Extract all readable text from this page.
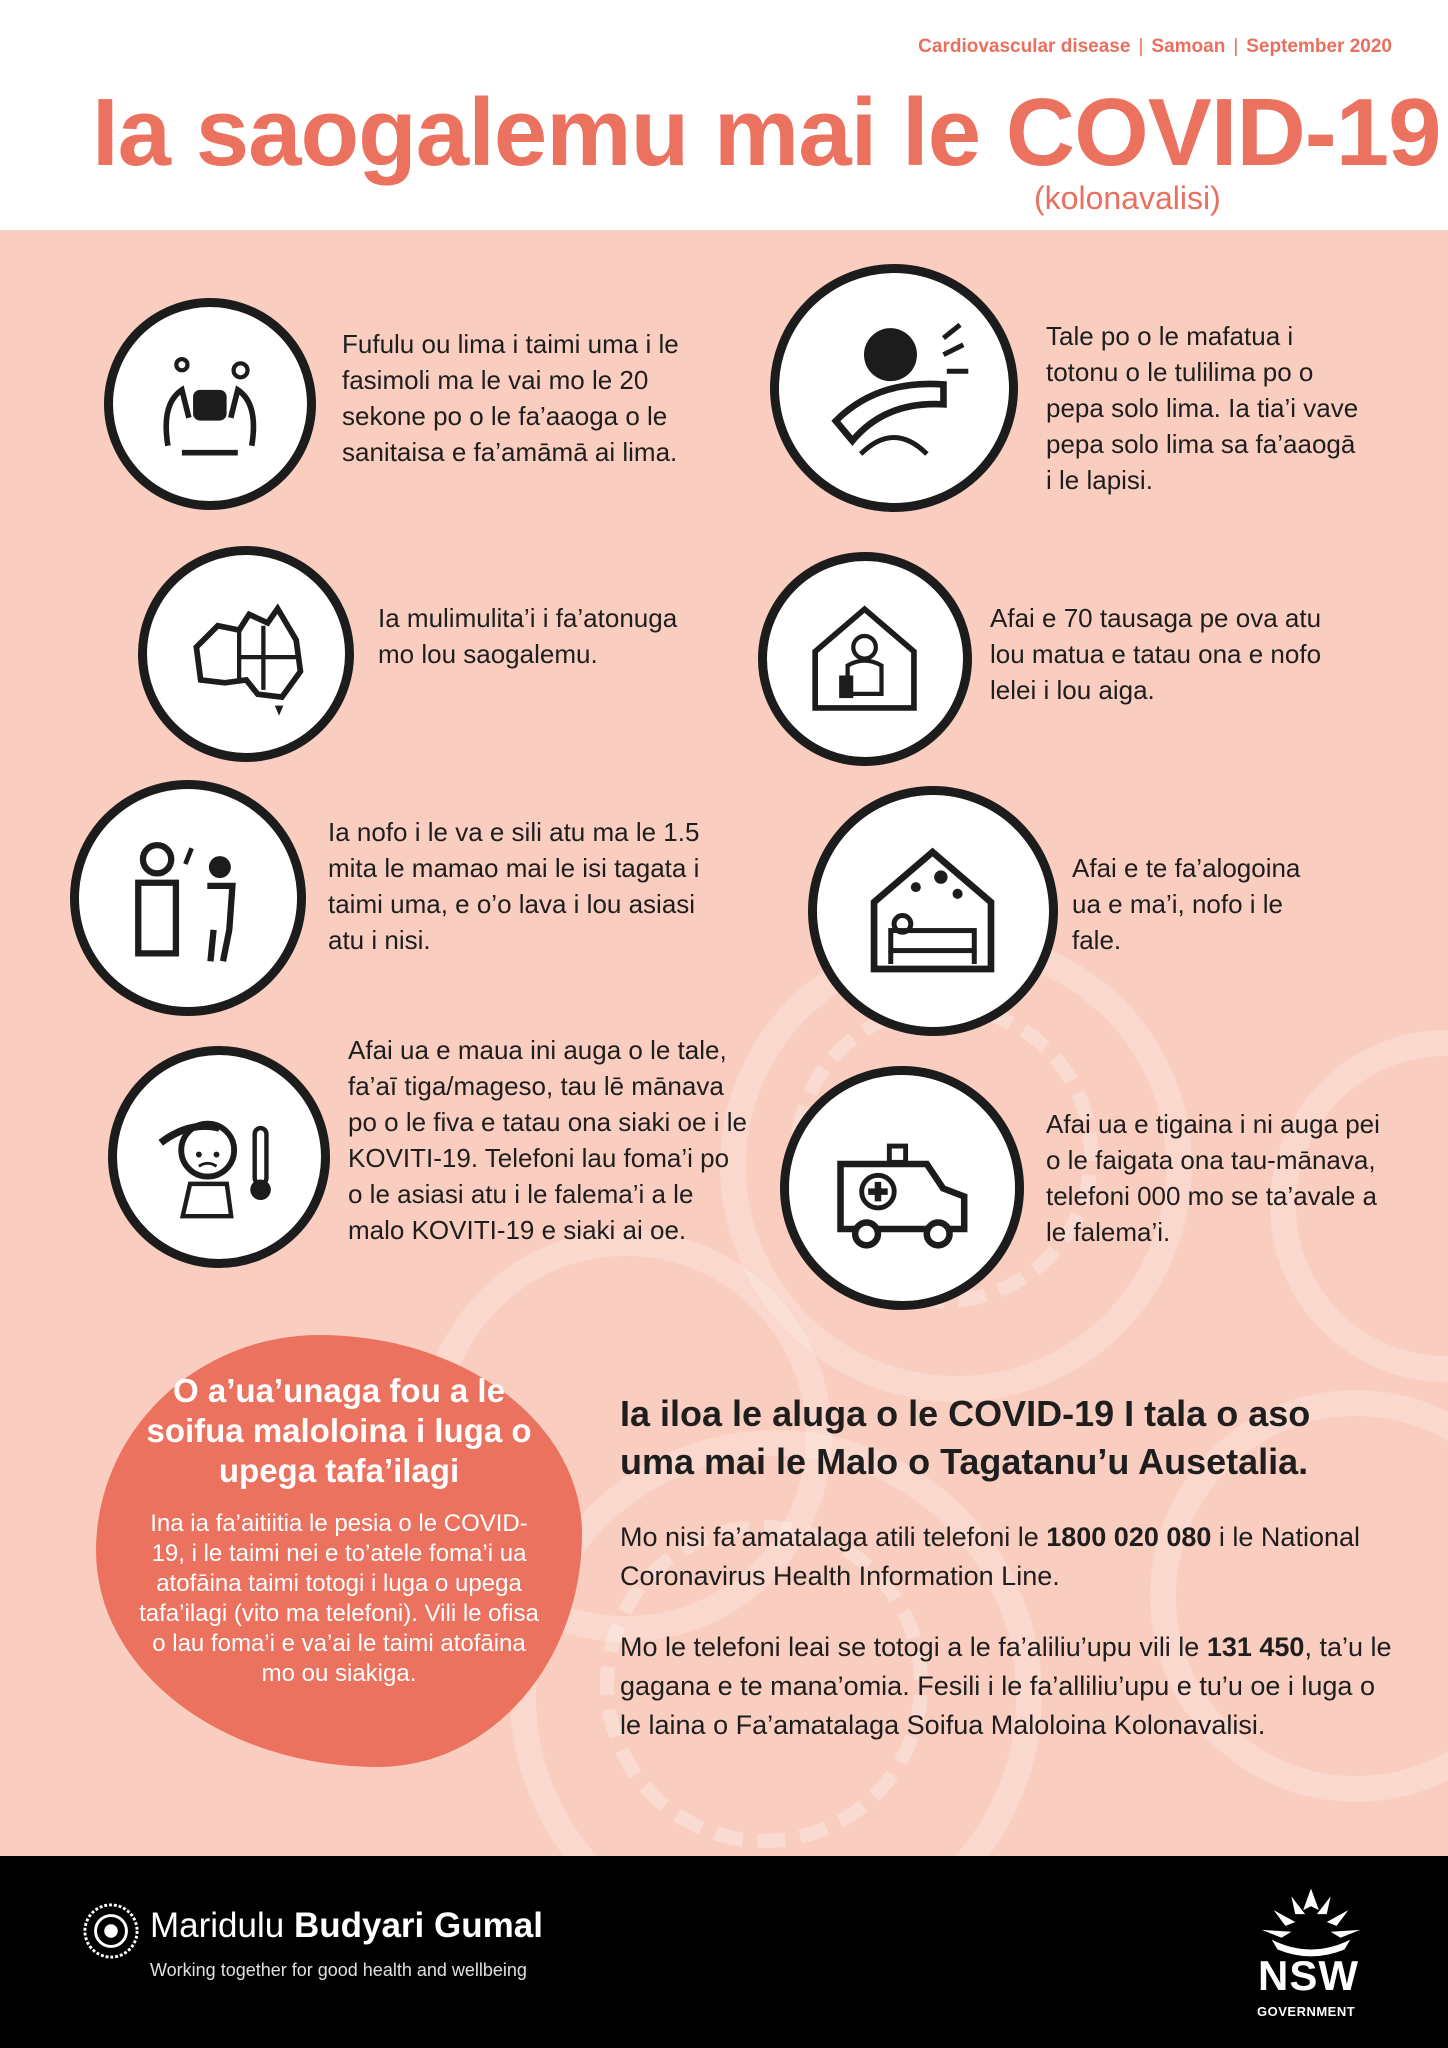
Cardiovascular disease | Samoan | September 2020
Ia saogalemu mai le COVID-19
(kolonavalisi)
Fufulu ou lima i taimi uma i le fasimoli ma le vai mo le 20 sekone po o le fa’aaoga o le sanitaisa e fa’amāmā ai lima.
Tale po o le mafatua i totonu o le tulilima po o pepa solo lima. Ia tia’i vave pepa solo lima sa fa’aaogā i le lapisi.
Ia mulimulita’i i fa’atonuga mo lou saogalemu.
Afai e 70 tausaga pe ova atu lou matua e tatau ona e nofo lelei i lou aiga.
Ia nofo i le va e sili atu ma le 1.5 mita le mamao mai le isi tagata i taimi uma, e o’o lava i lou asiasi atu i nisi.
Afai e te fa’alogoina ua e ma’i, nofo i le fale.
Afai ua e maua ini auga o le tale, fa’aī tiga/mageso, tau lē mānava po o le fiva e tatau ona siaki oe i le KOVITI-19. Telefoni lau foma’i po o le asiasi atu i le falema’i a le malo KOVITI-19 e siaki ai oe.
Afai ua e tigaina i ni auga pei o le faigata ona tau-mānava, telefoni 000 mo se ta’avale a le falema’i.
O a’ua’unaga fou a le soifua maloloina i luga o upega tafa’ilagi

Ina ia fa’aitiitia le pesia o le COVID-19, i le taimi nei e to’atele foma’i ua atofāina taimi totogi i luga o upega tafa’ilagi (vito ma telefoni). Vili le ofisa o lau foma’i e va’ai le taimi atofāina mo ou siakiga.

Ia iloa le aluga o le COVID-19 I tala o aso uma mai le Malo o Tagatanu’u Ausetalia.

Mo nisi fa’amatalaga atili telefoni le 1800 020 080 i le National Coronavirus Health Information Line.

Mo le telefoni leai se totogi a le fa’aliliu’upu vili le 131 450, ta’u le gagana e te mana’omia. Fesili i le fa’alliliu’upu e tu’u oe i luga o le laina o Fa’amatalaga Soifua Maloloina Kolonavalisi.

Maridulu Budyari Gumal
Working together for good health and wellbeing	NSW
GOVERNMENT
